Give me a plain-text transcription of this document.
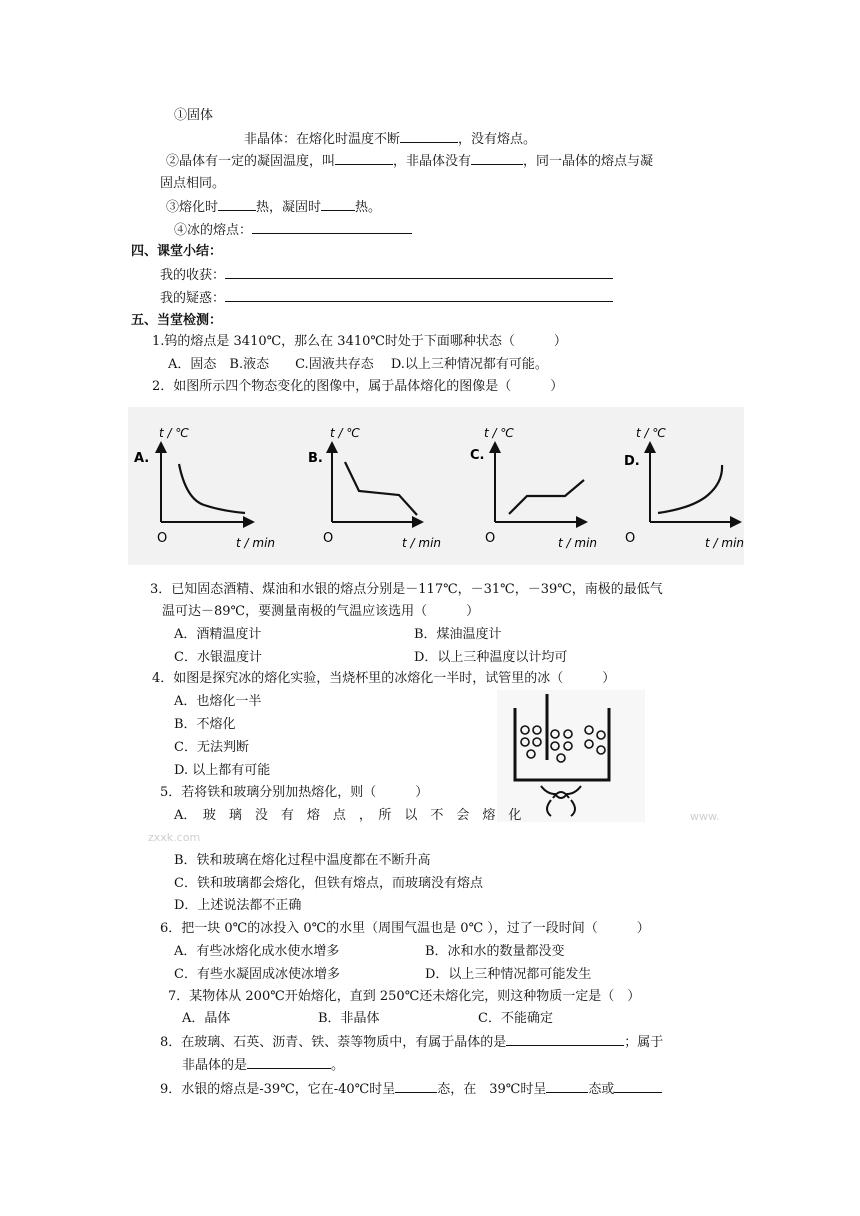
①固体
非晶体：在熔化时温度不断	，没有熔点。
②晶体有一定的凝固温度，叫	，非晶体没有	，同一晶体的熔点与凝
固点相同。
③熔化时	热，凝固时	热。
④冰的熔点：
四、课堂小结：
我的收获：
我的疑惑：
五、当堂检测：
1.钨的熔点是 3410℃，那么在 3410℃时处于下面哪种状态（　　　）
A．固态　B.液态　　C.固液共存态　 D.以上三种情况都有可能。
2．如图所示四个物态变化的图像中，属于晶体熔化的图像是（　　　）
t / ℃
t / min
O
A.
t / ℃
t / min
O
B.
t / ℃
t / min
O
C.
t / ℃
t / min
O
D.
3．已知固态酒精、煤油和水银的熔点分别是－117℃，－31℃，－39℃，南极的最低气
温可达－89℃，要测量南极的气温应该选用（　　　）
A．酒精温度计	B．煤油温度计
C．水银温度计	D．以上三种温度以计均可
4．如图是探究冰的熔化实验，当烧杯里的冰熔化一半时，试管里的冰（　　　）
A．也熔化一半
B．不熔化
C．无法判断
D. 以上都有可能
5．若将铁和玻璃分别加热熔化，则（　　　）
A．　玻　璃　没　有　熔　点　，　所　以　不　会　熔　化	www.
zxxk.com
B．铁和玻璃在熔化过程中温度都在不断升高
C．铁和玻璃都会熔化，但铁有熔点，而玻璃没有熔点
D．上述说法都不正确
6．把一块 0℃的冰投入 0℃的水里（周围气温也是 0℃ ），过了一段时间（　　　）
A．有些冰熔化成水使水增多	B．冰和水的数量都没变
C．有些水凝固成冰使冰增多	D．以上三种情况都可能发生
7．某物体从 200℃开始熔化，直到 250℃还未熔化完，则这种物质一定是（　）
A．晶体	B．非晶体	C．不能确定
8．在玻璃、石英、沥青、铁、萘等物质中，有属于晶体的是	；属于
非晶体的是	。
9．水银的熔点是-39℃，它在-40℃时呈	态，在　39℃时呈	态或
